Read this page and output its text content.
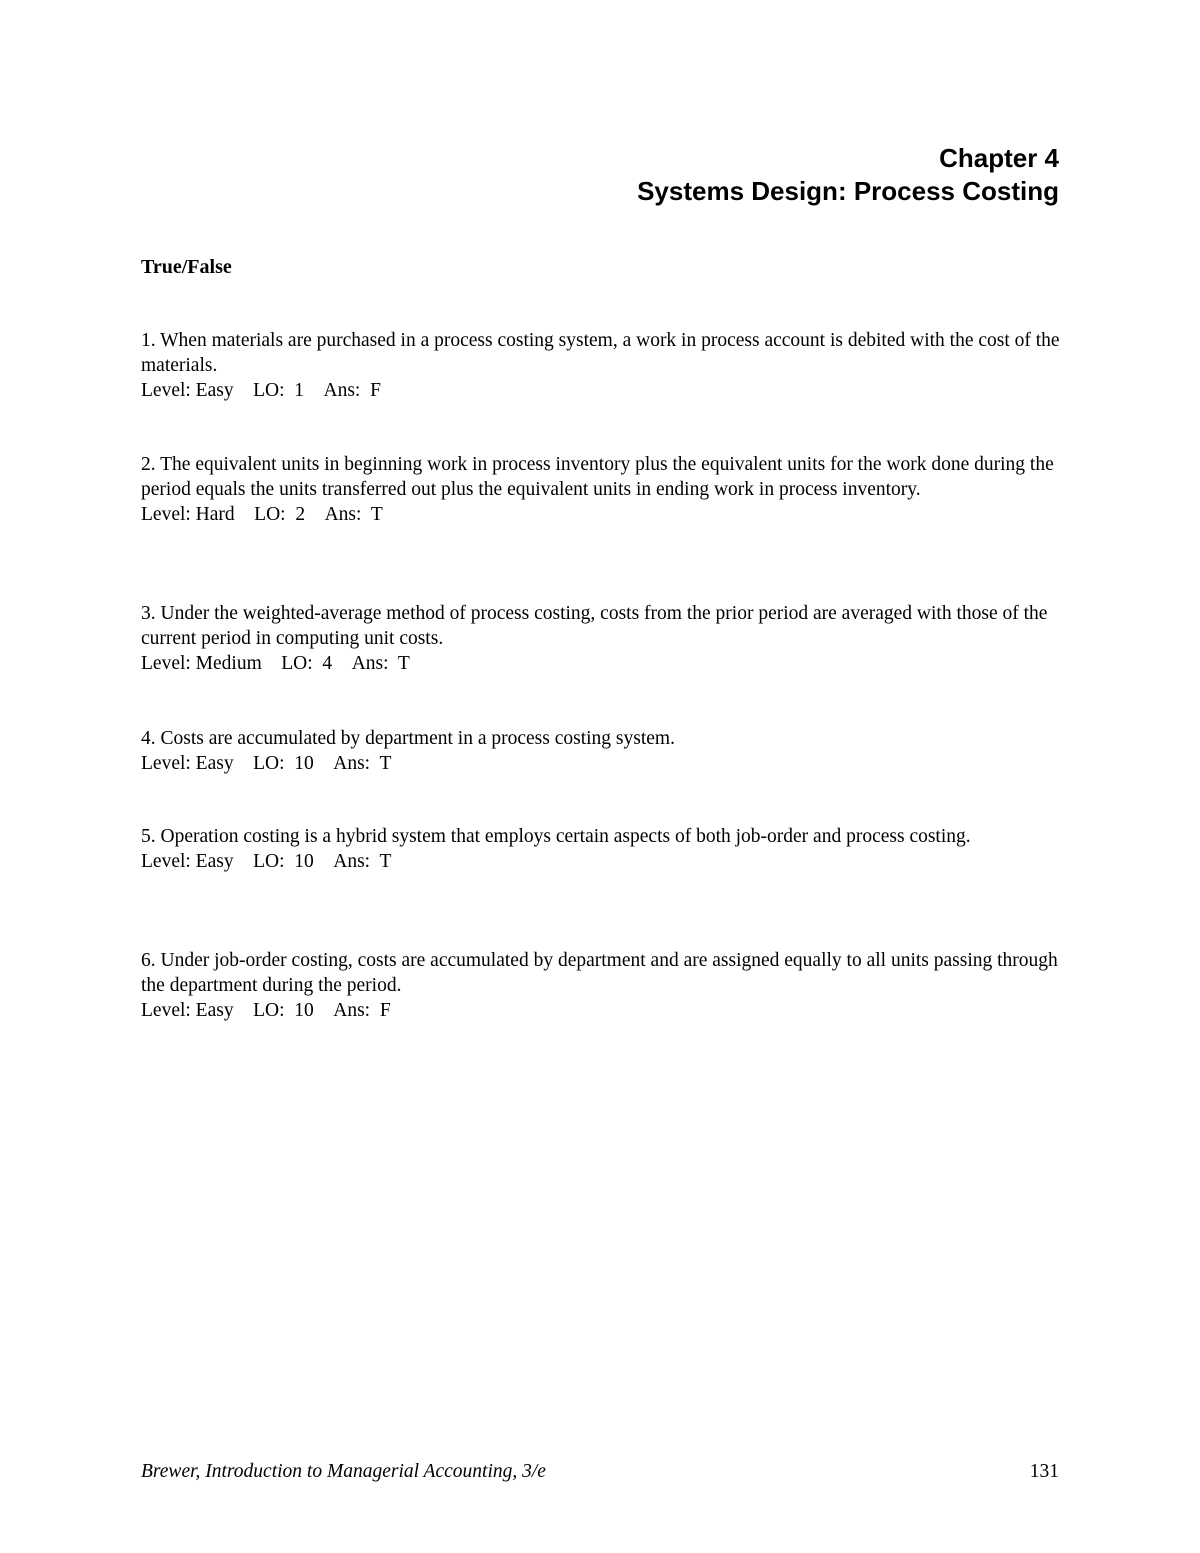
Chapter 4
Systems Design: Process Costing
True/False
1. When materials are purchased in a process costing system, a work in process account is debited with the cost of the materials.
Level: Easy LO:  1 Ans:  F
2. The equivalent units in beginning work in process inventory plus the equivalent units for the work done during the period equals the units transferred out plus the equivalent units in ending work in process inventory.
Level: Hard LO:  2 Ans:  T
3. Under the weighted-average method of process costing, costs from the prior period are averaged with those of the current period in computing unit costs.
Level: Medium LO:  4 Ans:  T
4. Costs are accumulated by department in a process costing system.
Level: Easy LO:  10 Ans:  T
5. Operation costing is a hybrid system that employs certain aspects of both job-order and process costing.
Level: Easy LO:  10 Ans:  T
6. Under job-order costing, costs are accumulated by department and are assigned equally to all units passing through the department during the period.
Level: Easy LO:  10 Ans:  F
Brewer, Introduction to Managerial Accounting, 3/e	131
